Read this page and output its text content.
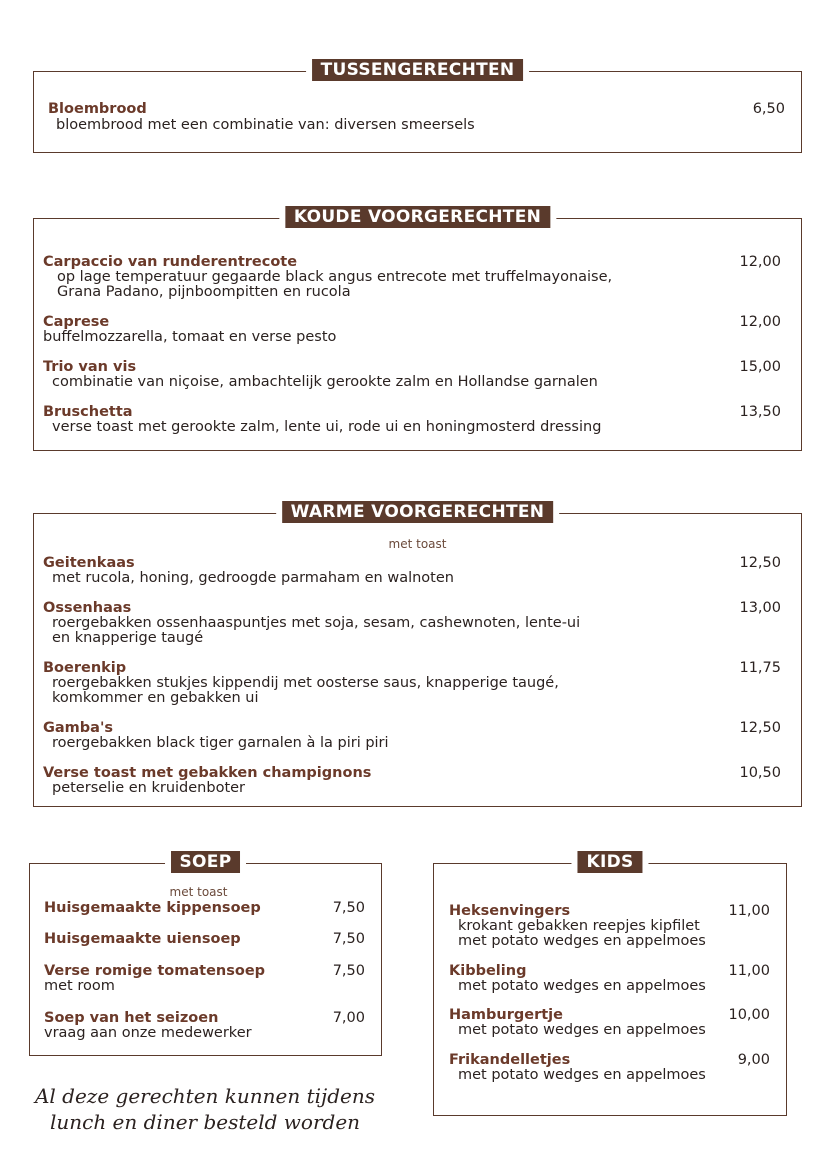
TUSSENGERECHTEN
Bloembrood	6,50
bloembrood met een combinatie van: diversen smeersels
KOUDE VOORGERECHTEN
Carpaccio van runderentrecote	12,00
op lage temperatuur gegaarde black angus entrecote met truffelmayonaise,
Grana Padano, pijnboompitten en rucola
Caprese	12,00
buffelmozzarella, tomaat en verse pesto
Trio van vis	15,00
combinatie van niçoise, ambachtelijk gerookte zalm en Hollandse garnalen
Bruschetta	13,50
verse toast met gerookte zalm, lente ui, rode ui en honingmosterd dressing
WARME VOORGERECHTEN
met toast
Geitenkaas	12,50
met rucola, honing, gedroogde parmaham en walnoten
Ossenhaas	13,00
roergebakken ossenhaaspuntjes met soja, sesam, cashewnoten, lente-ui
en knapperige taugé
Boerenkip	11,75
roergebakken stukjes kippendij met oosterse saus, knapperige taugé,
komkommer en gebakken ui
Gamba's	12,50
roergebakken black tiger garnalen à la piri piri
Verse toast met gebakken champignons	10,50
peterselie en kruidenboter
SOEP
met toast
Huisgemaakte kippensoep	7,50
Huisgemaakte uiensoep	7,50
Verse romige tomatensoep	7,50
met room
Soep van het seizoen	7,00
vraag aan onze medewerker
KIDS
Heksenvingers	11,00
krokant gebakken reepjes kipfilet
met potato wedges en appelmoes
Kibbeling	11,00
met potato wedges en appelmoes
Hamburgertje	10,00
met potato wedges en appelmoes
Frikandelletjes	9,00
met potato wedges en appelmoes
Al deze gerechten kunnen tijdens
lunch en diner besteld worden
